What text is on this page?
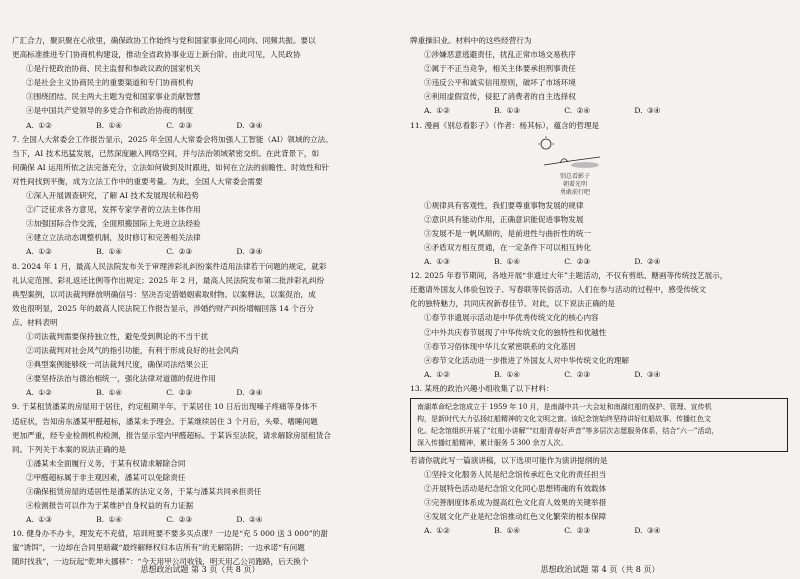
广汇合力，聚识聚在心欣里，确保政协工作始终与党和国家事业同心同向、同频共振。要以
更高标准推进专门协商机构建设，推动全省政协事业迈上新台阶。由此可见，人民政协
①是行使政治协商、民主监督和参政议政的国家机关
②是社会主义协商民主的重要渠道和专门协商机构
③围绕团结、民主两大主题为党和国家事业贡献智慧
④是中国共产党领导的多党合作和政治协商的制度
A. ①②          B. ①④          C. ②③          D. ③④
7. 全国人大常委会工作报告显示，2025 年全国人大常委会将加强人工智能（AI）领域的立法。
当下，AI 技术迅猛发展，已然深度融入网络空间，并与法治领域紧密交织。在此背景下，如
何确保 AI 运用所依之法完备充分，立法如何做到及时跟进，如何在立法的前瞻性、时效性和针
对性间找到平衡，成为立法工作中的重要考量。为此，全国人大常委会需要
①深入开展调查研究，了解 AI 技术发展现状和趋势
②广泛征求各方意见，发挥专家学者的立法主体作用
③加强国际合作交流，全面照搬国际上先进立法经验
④建立立法动态调整机制，及时修订和完善相关法律
A. ①②          B. ①④          C. ②③          D. ③④
8. 2024 年 1 月，最高人民法院发布关于审理涉彩礼纠纷案件适用法律若干问题的规定，就彩
礼认定范围、彩礼返还比例等作出规定；2025 年 2 月，最高人民法院发布第二批涉彩礼纠纷
典型案例，以司法裁判释放明确信号：坚决否定借婚姻索取财物。以案释法，以案促治，成
效也很明显，2025 年的最高人民法院工作报告显示，涉婚约财产纠纷增幅回落 14 个百分
点。材料表明
①司法裁判需要保持独立性，避免受到舆论的不当干扰
②司法裁判对社会风气的指引功能，有利于形成良好的社会风尚
③典型案例能够统一司法裁判尺度，确保司法结果公正
④要坚持法治与德治相统一，强化法律对道德的促进作用
A. ①②          B. ①④          C. ②③          D. ③④
9. 于某租赁潘某的房屋用于居住，约定租期半年。于某居住 10 日后出现嗓子疼痛等身体不
适症状，告知房东潘某甲醛超标，潘某未予理会。于某继续居住 3 个月后，头晕、嗜睡间题
更加严重，经专业检测机构检测，报告显示室内甲醛超标。于某诉至法院，请求解除房屋租赁合
同。下列关于本案的说法正确的是
①潘某未全面履行义务，于某有权请求解除合同
②甲醛超标属于非主观因素，潘某可以免除责任
③确保租赁房屋的适居性是潘某的法定义务，于某与潘某共同承担责任
④检测报告可以作为于某维护自身权益的有力证据
A. ①③          B. ①④          C. ②③          D. ②④
10. 健身办不办卡，理发充不充值，培训班要不要多买点课？一边是“充 5 000 送 3 000”的甜
蜜“诱饵”，一边却在合同里暗藏“最终解释权归本店所有”的无解陷阱；一边承诺“有问题
随时找我”，一边玩起“乾坤大挪移”：“今天用甲公司收钱，明天用乙公司跑路，后天换个
思想政治试题 第 3 页（共 8 页）
牌重操旧业。材料中的这些经营行为
①涉嫌恶意逃避责任，扰乱正常市场交易秩序
②属于不正当竞争，相关主体要承担刑事责任
③违反公平和诚实信用原则，破坏了市场环境
④利用虚假宣传，侵犯了消费者的自主选择权
A. ①②          B. ①③          C. ②④          D. ③④
11. 漫画《别总看影子》（作者：杨其标），蕴含的哲理是
别总看影子
朝着光明
勇敢前行吧
①规律具有客观性，我们要尊重事物发展的规律
②意识具有能动作用，正确意识能促进事物发展
③发展不是一帆风顺的，是前进性与曲折性的统一
④矛盾双方相互贯通，在一定条件下可以相互转化
A. ①③          B. ①④          C. ②③          D. ②④
12. 2025 年春节期间，各地开展“非遗过大年”主题活动，不仅有剪纸、糖画等传统技艺展示，
还邀请外国友人体验包饺子、写春联等民俗活动。人们在参与活动的过程中，感受传统文
化的独特魅力，共同庆祝新春佳节。对此，以下说法正确的是
①春节非遗展示活动是中华优秀传统文化的核心内容
②中外共庆春节展现了中华传统文化的独特性和优越性
③春节习俗体现中华儿女紧密联系的文化基因
④春节文化活动进一步推进了外国友人对中华传统文化的理解
A. ①②          B. ①④          C. ②③          D. ③④
13. 某班的政治兴趣小组收集了以下材料：
南湖革命纪念馆成立于 1959 年 10 月，是南湖中共一大会址和南湖红船的保护、管理、宣传机
构，是新时代大力弘扬红船精神的文化文明之窗。该纪念馆始终坚持讲好红船故事、传播红色文
化。纪念馆组织开展了“红船小讲解”“红船青春好声音”等多层次志愿服务体系，结合“六一”活动，
深入传播红船精神，累计服务 5 300 余万人次。
若请你就此写一篇演讲稿，以下选项可能作为演讲提纲的是
①坚持文化服务人民是纪念馆传承红色文化的责任担当
②开展特色活动是纪念馆文化同心思想铸魂的有效载体
③完善制度体系成为提高红色文化育人效果的关键举措
④发展文化产业是纪念馆推动红色文化繁荣的根本保障
A. ①②          B. ①④          C. ②③          D. ③④
思想政治试题 第 4 页（共 8 页）
